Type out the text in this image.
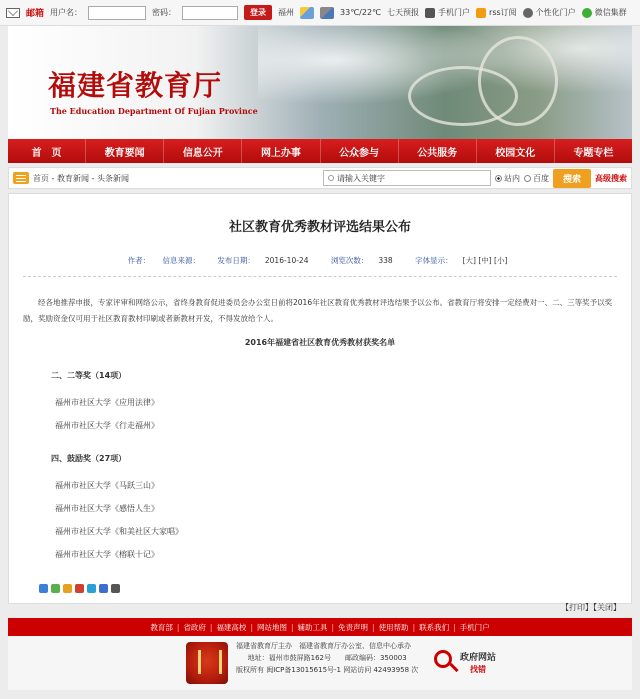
邮箱 用户名：	密码：	登录	福州	33℃/22℃ 七天预报 手机门户 rss订阅 个性化门户 微信集群
福建省教育厅
The Education Department Of Fujian Province
首　页	教育要闻	信息公开	网上办事	公众参与	公共服务	校园文化	专题专栏
首页 - 教育新闻 - 头条新闻	请输入关键字	站内 百度	搜索	高级搜索
社区教育优秀教材评选结果公布
作者： 信息来源： 发布日期： 2016-10-24	浏览次数： 338	字体显示： [大] [中] [小]
经各地推荐申报，专家评审和网络公示，省终身教育促进委员会办公室日前将2016年社区教育优秀教材评选结果予以公布。省教育厅将安排一定经费对一、二、三等奖予以奖励，奖励资金仅可用于社区教育教材印刷或者新教材开发，不得发放给个人。
2016年福建省社区教育优秀教材获奖名单
二、二等奖（14项）
福州市社区大学《应用法律》
福州市社区大学《行走福州》
四、鼓励奖（27项）
福州市社区大学《马跃三山》
福州市社区大学《感悟人生》
福州市社区大学《和美社区大家唱》
福州市社区大学《榕联十记》
【打印】【关闭】
教育部 | 省政府 | 福建高校 | 网站地图 | 辅助工具 | 免责声明 | 使用帮助 | 联系我们 | 手机门户
福建省教育厅主办　福建省教育厅办公室、信息中心承办
地址：福州市鼓屏路162号　　邮政编码：350003
版权所有 闽ICP备13015615号-1 网站访问 42493958 次
政府网站
找错
